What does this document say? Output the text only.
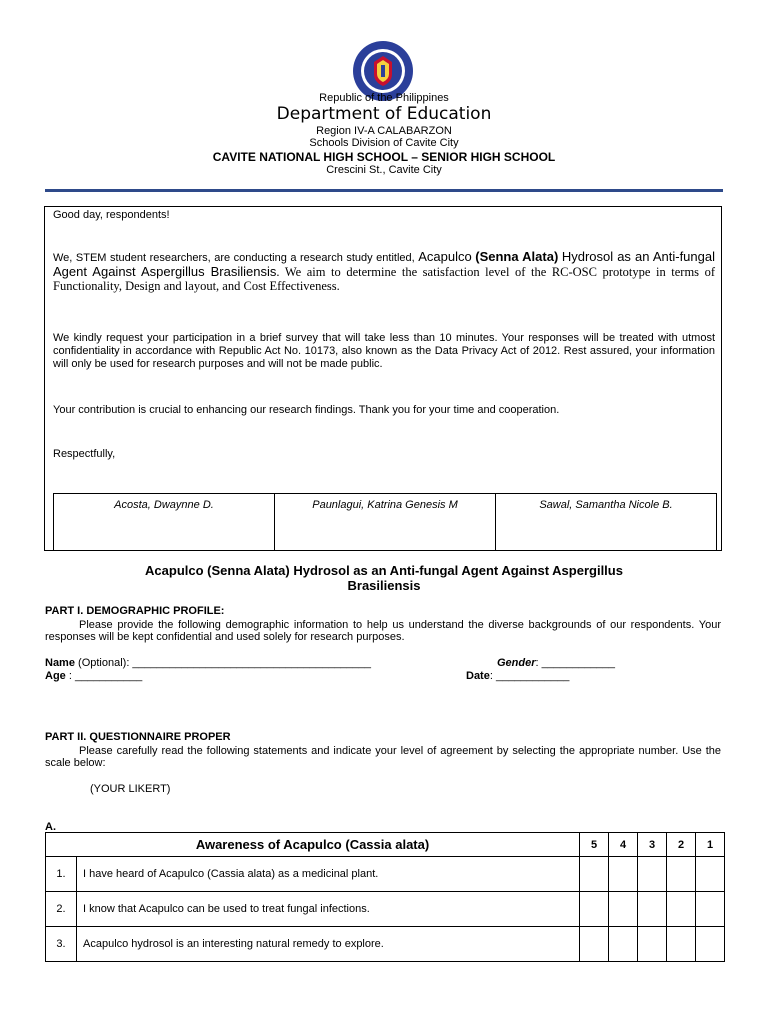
Republic of the Philippines
Department of Education
Region IV-A CALABARZON
Schools Division of Cavite City
CAVITE NATIONAL HIGH SCHOOL – SENIOR HIGH SCHOOL
Crescini St., Cavite City
Good day, respondents!
We, STEM student researchers, are conducting a research study entitled, Acapulco (Senna Alata) Hydrosol as an Anti-fungal Agent Against Aspergillus Brasiliensis. We aim to determine the satisfaction level of the RC-OSC prototype in terms of Functionality, Design and layout, and Cost Effectiveness.
We kindly request your participation in a brief survey that will take less than 10 minutes. Your responses will be treated with utmost confidentiality in accordance with Republic Act No. 10173, also known as the Data Privacy Act of 2012. Rest assured, your information will only be used for research purposes and will not be made public.
Your contribution is crucial to enhancing our research findings. Thank you for your time and cooperation.
Respectfully,
Acosta, Dwaynne D.	Paunlagui, Katrina Genesis M	Sawal, Samantha Nicole B.
Acapulco (Senna Alata) Hydrosol as an Anti-fungal Agent Against Aspergillus Brasiliensis
PART I. DEMOGRAPHIC PROFILE:
Please provide the following demographic information to help us understand the diverse backgrounds of our respondents. Your responses will be kept confidential and used solely for research purposes.
Name (Optional): _______________________________________	Gender: ____________
Age : ___________	Date: ____________
PART II. QUESTIONNAIRE PROPER
Please carefully read the following statements and indicate your level of agreement by selecting the appropriate number. Use the scale below:
(YOUR LIKERT)
A.
Awareness of Acapulco (Cassia alata)		5	4	3	2	1
1.	I have heard of Acapulco (Cassia alata) as a medicinal plant.					
2.	I know that Acapulco can be used to treat fungal infections.					
3.	Acapulco hydrosol is an interesting natural remedy to explore.					
